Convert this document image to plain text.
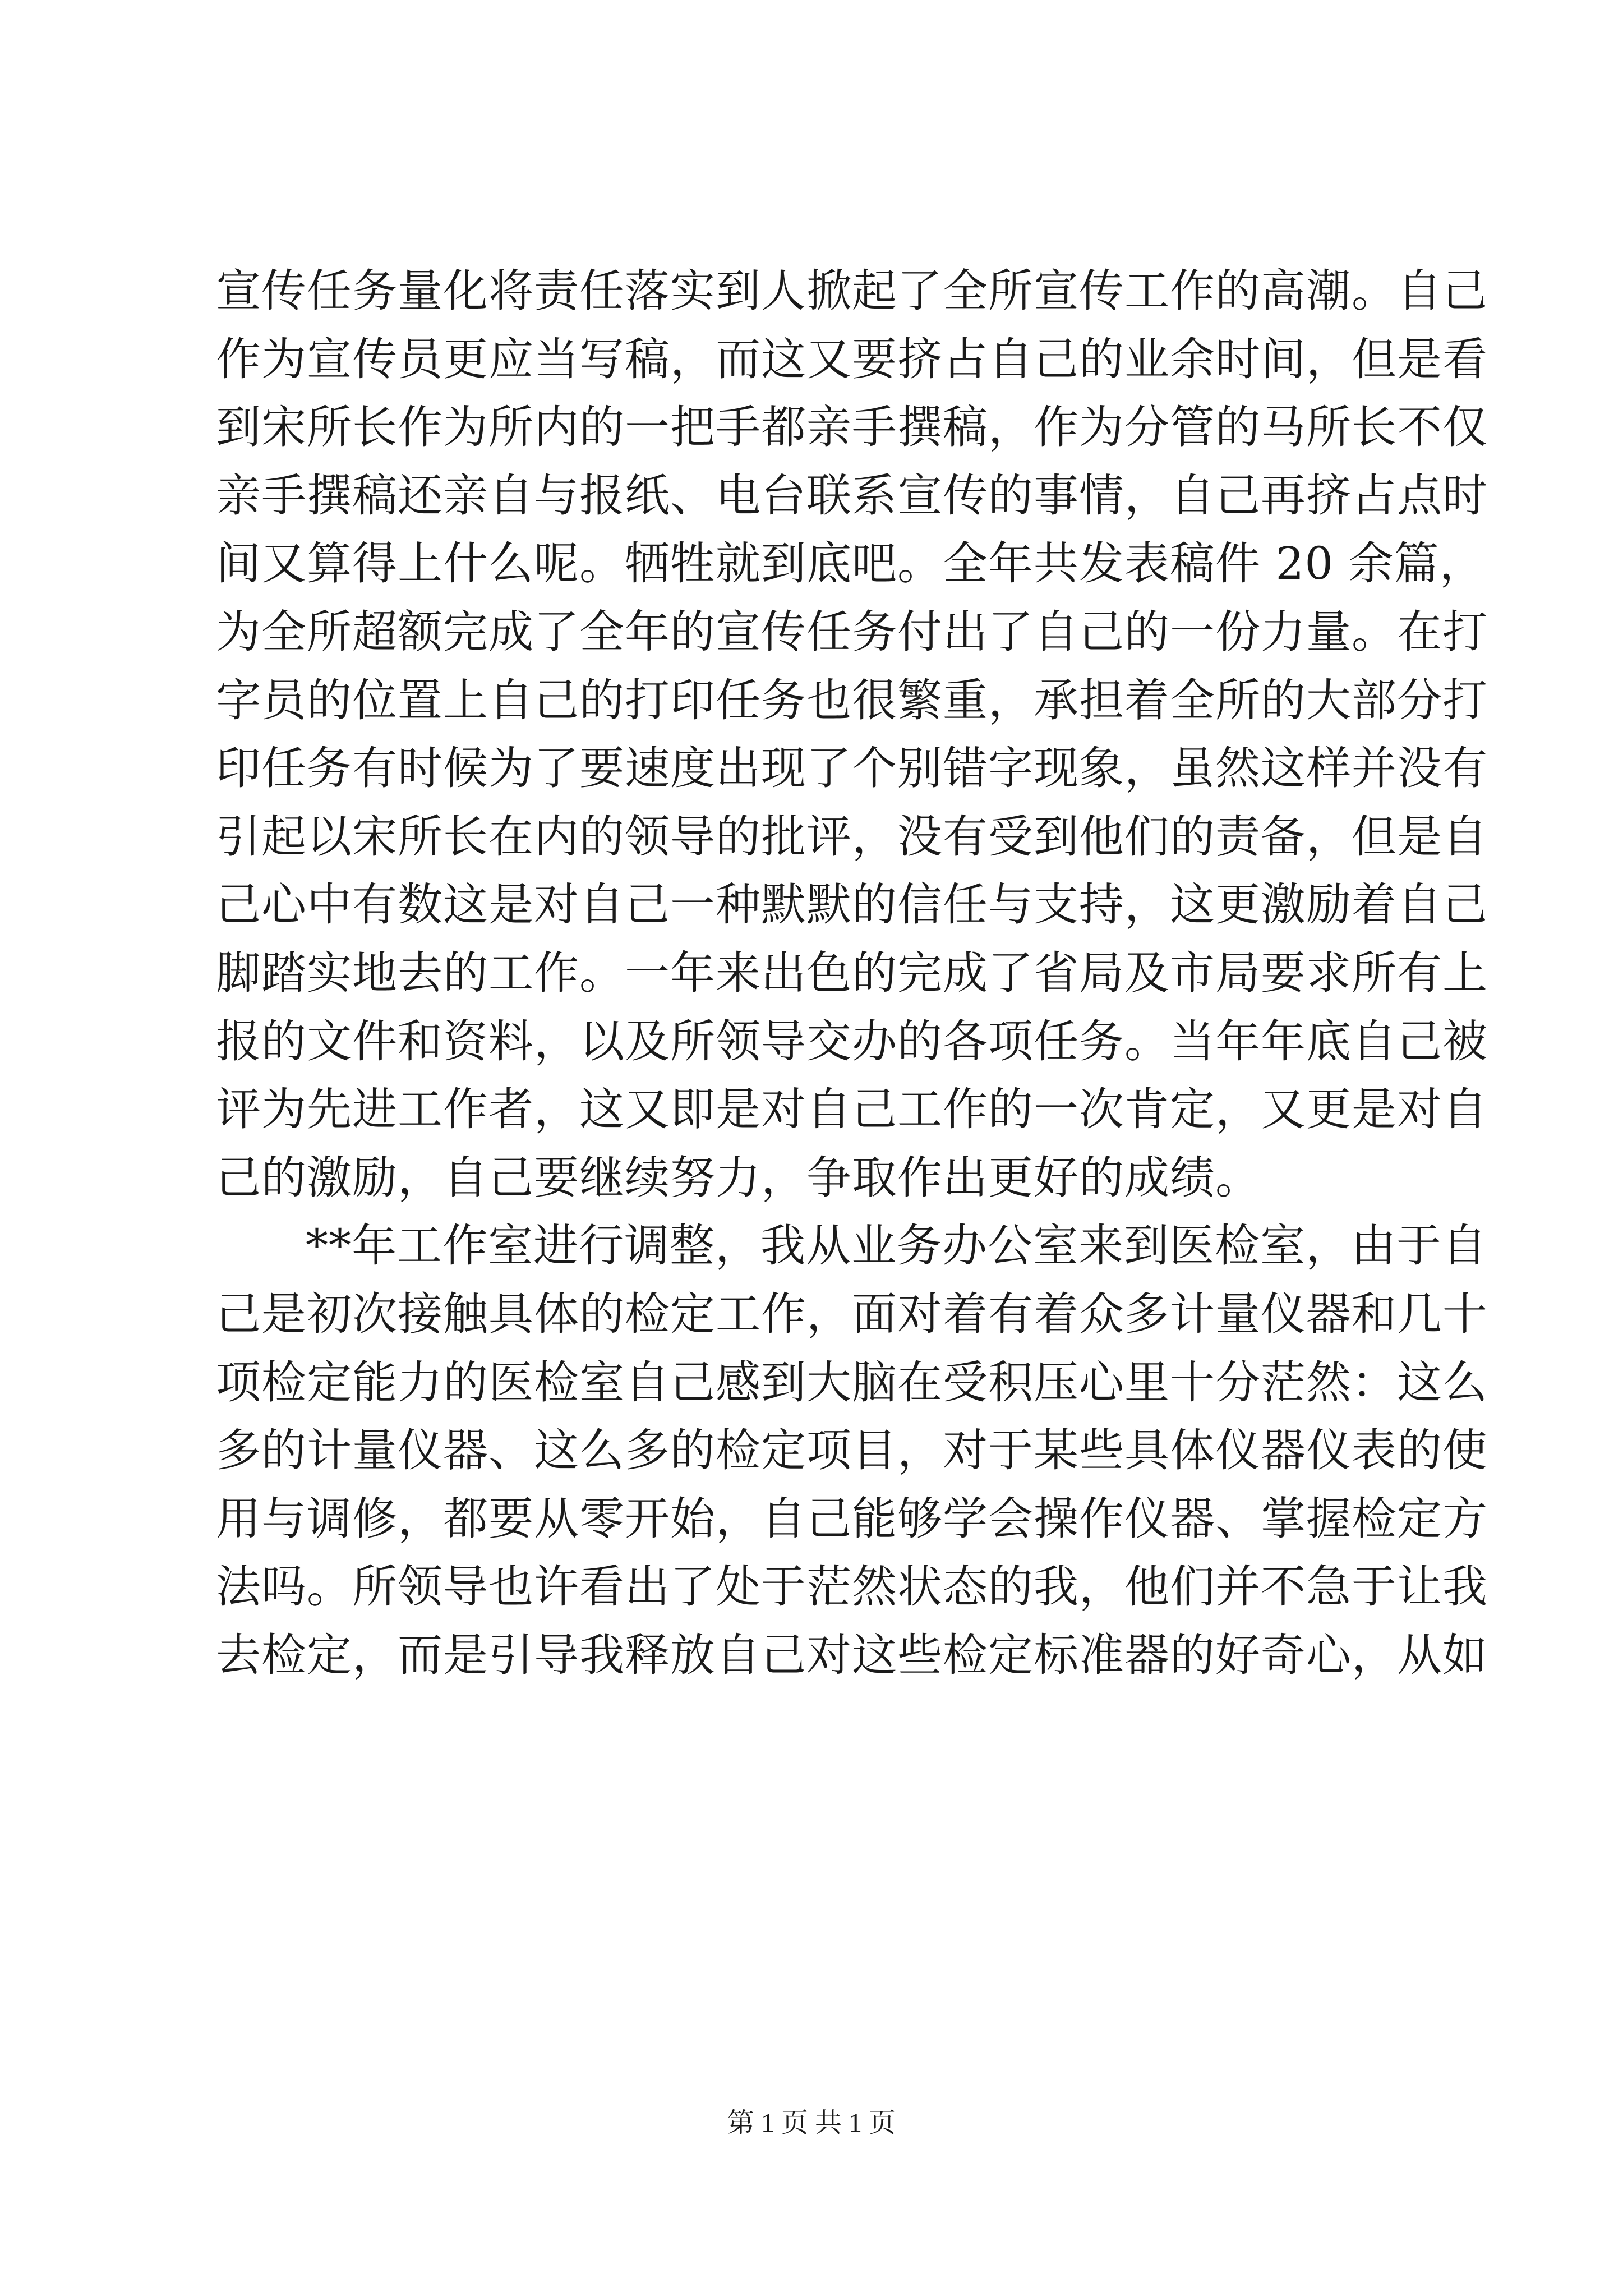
宣传任务量化将责任落实到人掀起了全所宣传工作的高潮。自己
作为宣传员更应当写稿，而这又要挤占自己的业余时间，但是看
到宋所长作为所内的一把手都亲手撰稿，作为分管的马所长不仅
亲手撰稿还亲自与报纸、电台联系宣传的事情，自己再挤占点时
间又算得上什么呢。牺牲就到底吧。全年共发表稿件 20 余篇，
为全所超额完成了全年的宣传任务付出了自己的一份力量。在打
字员的位置上自己的打印任务也很繁重，承担着全所的大部分打
印任务有时候为了要速度出现了个别错字现象，虽然这样并没有
引起以宋所长在内的领导的批评，没有受到他们的责备，但是自
己心中有数这是对自己一种默默的信任与支持，这更激励着自己
脚踏实地去的工作。一年来出色的完成了省局及市局要求所有上
报的文件和资料，以及所领导交办的各项任务。当年年底自己被
评为先进工作者，这又即是对自己工作的一次肯定，又更是对自
己的激励，自己要继续努力，争取作出更好的成绩。
**年工作室进行调整，我从业务办公室来到医检室，由于自
己是初次接触具体的检定工作，面对着有着众多计量仪器和几十
项检定能力的医检室自己感到大脑在受积压心里十分茫然：这么
多的计量仪器、这么多的检定项目，对于某些具体仪器仪表的使
用与调修，都要从零开始，自己能够学会操作仪器、掌握检定方
法吗。所领导也许看出了处于茫然状态的我，他们并不急于让我
去检定，而是引导我释放自己对这些检定标准器的好奇心，从如
第 1 页 共 1 页
